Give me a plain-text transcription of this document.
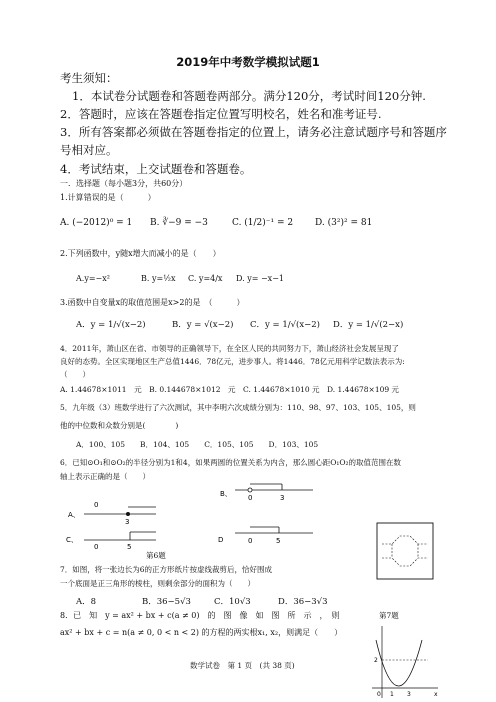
2019年中考数学模拟试题1
考生须知：
1．本试卷分试题卷和答题卷两部分。满分120分，考试时间120分钟.
2．答题时，应该在答题卷指定位置写明校名，姓名和准考证号.
3．所有答案都必须做在答题卷指定的位置上，请务必注意试题序号和答题序
号相对应。
4．考试结束，上交试题卷和答题卷。
一．选择题（每小题3分，共60分）
1.计算错误的是（　　　）
A. (−2012)⁰ = 1 B. ∛−9 = −3	C. (1/2)⁻¹ = 2 D. (3²)² = 81
2.下列函数中，y随x增大而减小的是（　　）
A.y=−x²	B. y=½x C. y=4/x D. y= −x−1
3.函数中自变量x的取值范围是x>2的是　（　　　）
A．y = 1/√(x−2)	B．y = √(x−2) C．y = 1/√(x−2) D．y = 1/√(2−x)
4．2011年，萧山区在省、市领导的正确领导下，在全区人民的共同努力下，萧山经济社会发展呈现了
良好的态势。全区实现地区生产总值1446．78亿元，进步事人。将1446．78亿元用科学记数法表示为:
（　　）
A. 1.44678×1011　元　B. 0.144678×1012　元　C. 1.44678×1010 元　D. 1.44678×109 元
5．九年级（3）班数学进行了六次测试，其中李明六次成绩分别为：110、98、97、103、105、105，则
他的中位数和众数分别是(　　　　)
A．100、105　　B．104、105　　C．105、105　　D．103、105
6．已知⊙O₁和⊙O₂的半径分别为1和4，如果两圆的位置关系为内含，那么圆心距O₁O₂的取值范围在数
轴上表示正确的是（　　）
A、
0
3
B、 0	3
C、
0	5
D	0	5
第6题
7．如图，将一张边长为6的正方形纸片按虚线裁剪后，恰好围成
一个底面是正三角形的棱柱，则剩余部分的面积为（　　）
A．8	B．36−5√3	C．10√3	D．36−3√3
第7题
8．已　知　y = ax² + bx + c(a ≠ 0)　的　图　像　如　图　所　示　，　则
ax² + bx + c = n(a ≠ 0, 0 < n < 2) 的方程的两实根x₁, x₂，则满足（　　）
2
0 1 3	x
数学试卷　第 1 页　(共 38 页)
